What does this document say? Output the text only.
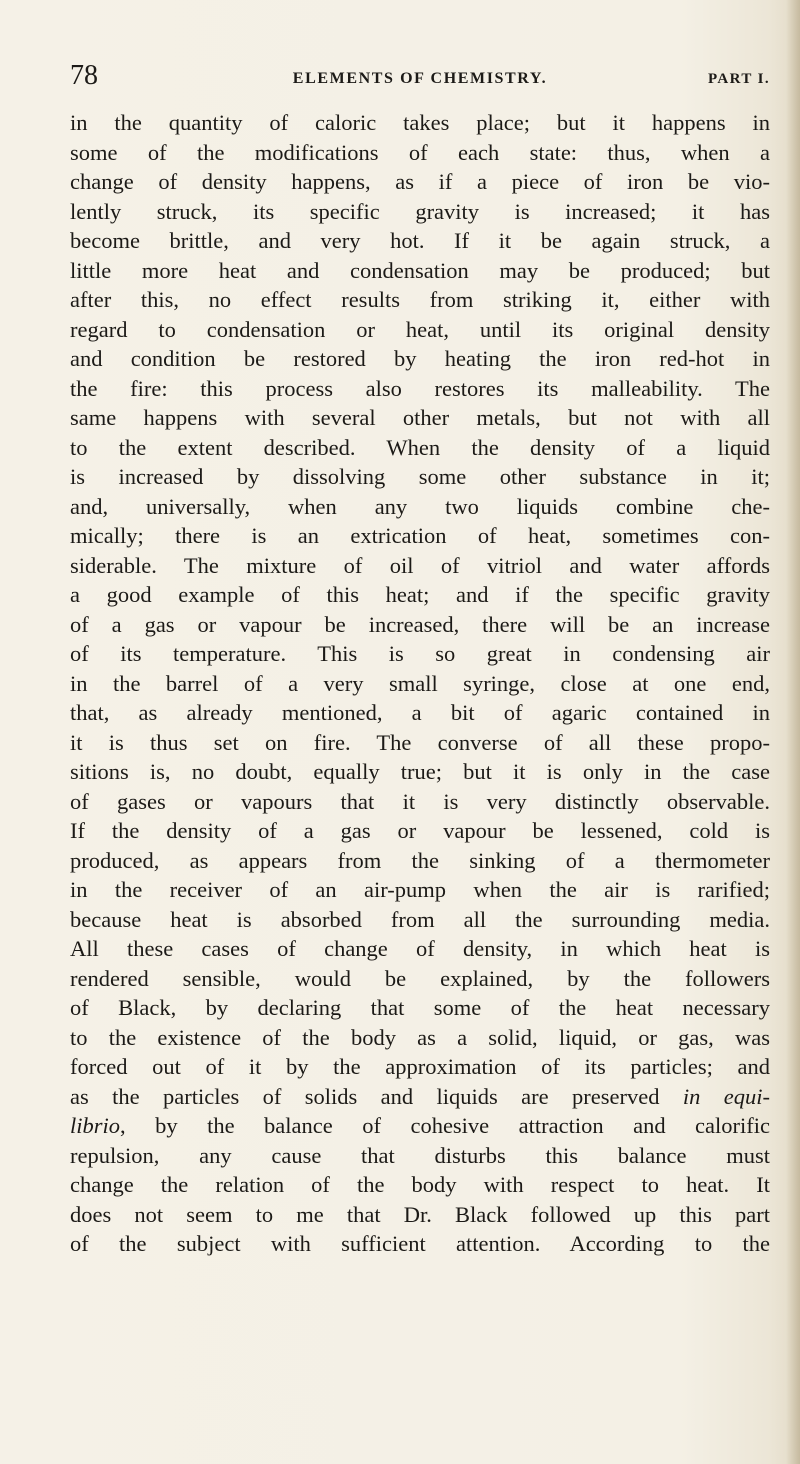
78	ELEMENTS OF CHEMISTRY.	PART I.
in the quantity of caloric takes place; but it happens in
some of the modifications of each state: thus, when a
change of density happens, as if a piece of iron be vio-
lently struck, its specific gravity is increased; it has
become brittle, and very hot. If it be again struck, a
little more heat and condensation may be produced; but
after this, no effect results from striking it, either with
regard to condensation or heat, until its original density
and condition be restored by heating the iron red-hot in
the fire: this process also restores its malleability. The
same happens with several other metals, but not with all
to the extent described. When the density of a liquid
is increased by dissolving some other substance in it;
and, universally, when any two liquids combine che-
mically; there is an extrication of heat, sometimes con-
siderable. The mixture of oil of vitriol and water affords
a good example of this heat; and if the specific gravity
of a gas or vapour be increased, there will be an increase
of its temperature. This is so great in condensing air
in the barrel of a very small syringe, close at one end,
that, as already mentioned, a bit of agaric contained in
it is thus set on fire. The converse of all these propo-
sitions is, no doubt, equally true; but it is only in the case
of gases or vapours that it is very distinctly observable.
If the density of a gas or vapour be lessened, cold is
produced, as appears from the sinking of a thermometer
in the receiver of an air-pump when the air is rarified;
because heat is absorbed from all the surrounding media.
All these cases of change of density, in which heat is
rendered sensible, would be explained, by the followers
of Black, by declaring that some of the heat necessary
to the existence of the body as a solid, liquid, or gas, was
forced out of it by the approximation of its particles; and
as the particles of solids and liquids are preserved in equi-
librio, by the balance of cohesive attraction and calorific
repulsion, any cause that disturbs this balance must
change the relation of the body with respect to heat. It
does not seem to me that Dr. Black followed up this part
of the subject with sufficient attention. According to the
